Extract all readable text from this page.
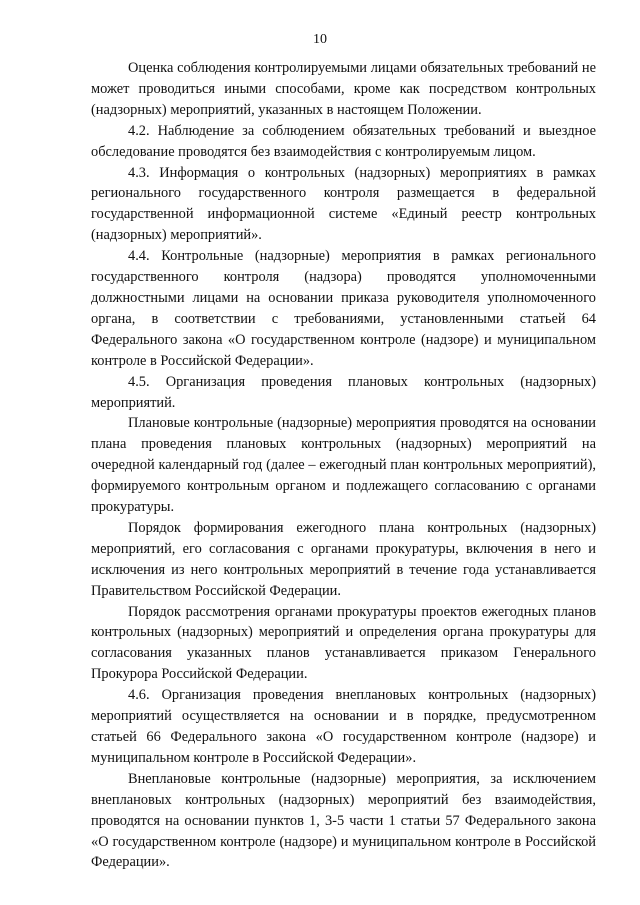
10

Оценка соблюдения контролируемыми лицами обязательных требований не может проводиться иными способами, кроме как посредством контрольных (надзорных) мероприятий, указанных в настоящем Положении.

4.2. Наблюдение за соблюдением обязательных требований и выездное обследование проводятся без взаимодействия с контролируемым лицом.

4.3. Информация о контрольных (надзорных) мероприятиях в рамках регионального государственного контроля размещается в федеральной государственной информационной системе «Единый реестр контрольных (надзорных) мероприятий».

4.4. Контрольные (надзорные) мероприятия в рамках регионального государственного контроля (надзора) проводятся уполномоченными должностными лицами на основании приказа руководителя уполномоченного органа, в соответствии с требованиями, установленными статьей 64 Федерального закона «О государственном контроле (надзоре) и муниципальном контроле в Российской Федерации».

4.5. Организация проведения плановых контрольных (надзорных) мероприятий.

Плановые контрольные (надзорные) мероприятия проводятся на основании плана проведения плановых контрольных (надзорных) мероприятий на очередной календарный год (далее – ежегодный план контрольных мероприятий), формируемого контрольным органом и подлежащего согласованию с органами прокуратуры.

Порядок формирования ежегодного плана контрольных (надзорных) мероприятий, его согласования с органами прокуратуры, включения в него и исключения из него контрольных мероприятий в течение года устанавливается Правительством Российской Федерации.

Порядок рассмотрения органами прокуратуры проектов ежегодных планов контрольных (надзорных) мероприятий и определения органа прокуратуры для согласования указанных планов устанавливается приказом Генерального Прокурора Российской Федерации.

4.6. Организация проведения внеплановых контрольных (надзорных) мероприятий осуществляется на основании и в порядке, предусмотренном статьей 66 Федерального закона «О государственном контроле (надзоре) и муниципальном контроле в Российской Федерации».

Внеплановые контрольные (надзорные) мероприятия, за исключением внеплановых контрольных (надзорных) мероприятий без взаимодействия, проводятся на основании пунктов 1, 3-5 части 1 статьи 57 Федерального закона «О государственном контроле (надзоре) и муниципальном контроле в Российской Федерации».
